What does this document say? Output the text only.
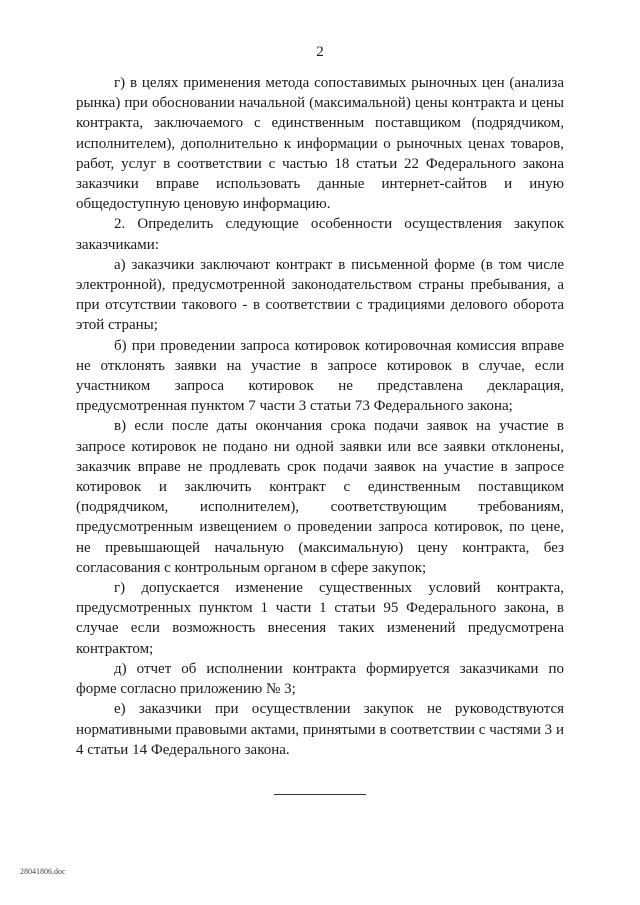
2

г) в целях применения метода сопоставимых рыночных цен (анализа рынка) при обосновании начальной (максимальной) цены контракта и цены контракта, заключаемого с единственным поставщиком (подрядчиком, исполнителем), дополнительно к информации о рыночных ценах товаров, работ, услуг в соответствии с частью 18 статьи 22 Федерального закона заказчики вправе использовать данные интернет-сайтов и иную общедоступную ценовую информацию.

2. Определить следующие особенности осуществления закупок заказчиками:

а) заказчики заключают контракт в письменной форме (в том числе электронной), предусмотренной законодательством страны пребывания, а при отсутствии такового - в соответствии с традициями делового оборота этой страны;

б) при проведении запроса котировок котировочная комиссия вправе не отклонять заявки на участие в запросе котировок в случае, если участником запроса котировок не представлена декларация, предусмотренная пунктом 7 части 3 статьи 73 Федерального закона;

в) если после даты окончания срока подачи заявок на участие в запросе котировок не подано ни одной заявки или все заявки отклонены, заказчик вправе не продлевать срок подачи заявок на участие в запросе котировок и заключить контракт с единственным поставщиком (подрядчиком, исполнителем), соответствующим требованиям, предусмотренным извещением о проведении запроса котировок, по цене, не превышающей начальную (максимальную) цену контракта, без согласования с контрольным органом в сфере закупок;

г) допускается изменение существенных условий контракта, предусмотренных пунктом 1 части 1 статьи 95 Федерального закона, в случае если возможность внесения таких изменений предусмотрена контрактом;

д) отчет об исполнении контракта формируется заказчиками по форме согласно приложению № 3;

е) заказчики при осуществлении закупок не руководствуются нормативными правовыми актами, принятыми в соответствии с частями 3 и 4 статьи 14 Федерального закона.

28041806.doc
